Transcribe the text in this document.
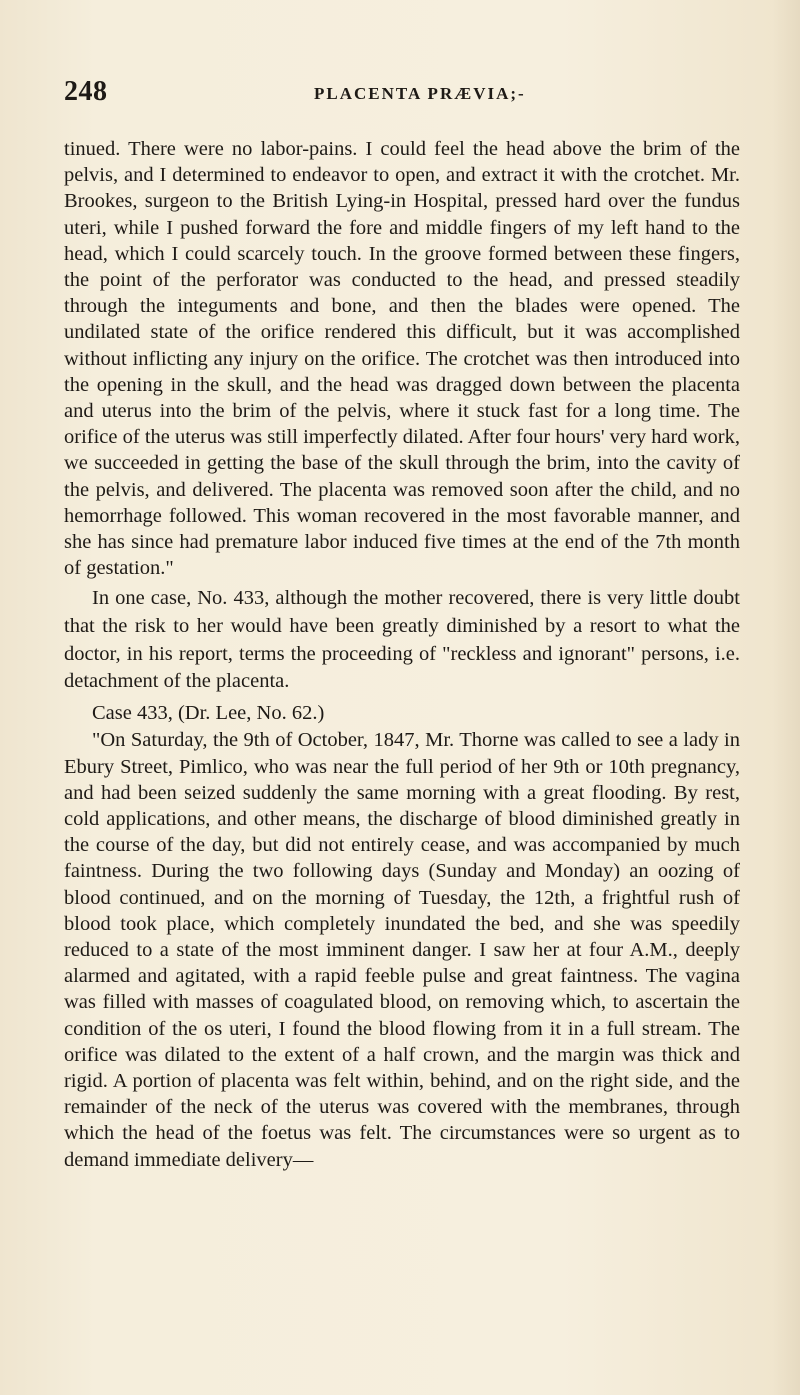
248	PLACENTA PRÆVIA;-

tinued. There were no labor-pains. I could feel the head above the brim of the pelvis, and I determined to endeavor to open, and extract it with the crotchet. Mr. Brookes, surgeon to the British Lying-in Hospital, pressed hard over the fundus uteri, while I pushed forward the fore and middle fingers of my left hand to the head, which I could scarcely touch. In the groove formed between these fingers, the point of the perforator was conducted to the head, and pressed steadily through the integuments and bone, and then the blades were opened. The undilated state of the orifice rendered this difficult, but it was accomplished without inflicting any injury on the orifice. The crotchet was then introduced into the opening in the skull, and the head was dragged down between the placenta and uterus into the brim of the pelvis, where it stuck fast for a long time. The orifice of the uterus was still imperfectly dilated. After four hours' very hard work, we succeeded in getting the base of the skull through the brim, into the cavity of the pelvis, and delivered. The placenta was removed soon after the child, and no hemorrhage followed. This woman recovered in the most favorable manner, and she has since had premature labor induced five times at the end of the 7th month of gestation."

In one case, No. 433, although the mother recovered, there is very little doubt that the risk to her would have been greatly diminished by a resort to what the doctor, in his report, terms the proceeding of "reckless and ignorant" persons, i.e. detachment of the placenta.

Case 433, (Dr. Lee, No. 62.)

"On Saturday, the 9th of October, 1847, Mr. Thorne was called to see a lady in Ebury Street, Pimlico, who was near the full period of her 9th or 10th pregnancy, and had been seized suddenly the same morning with a great flooding. By rest, cold applications, and other means, the discharge of blood diminished greatly in the course of the day, but did not entirely cease, and was accompanied by much faintness. During the two following days (Sunday and Monday) an oozing of blood continued, and on the morning of Tuesday, the 12th, a frightful rush of blood took place, which completely inundated the bed, and she was speedily reduced to a state of the most imminent danger. I saw her at four A.M., deeply alarmed and agitated, with a rapid feeble pulse and great faintness. The vagina was filled with masses of coagulated blood, on removing which, to ascertain the condition of the os uteri, I found the blood flowing from it in a full stream. The orifice was dilated to the extent of a half crown, and the margin was thick and rigid. A portion of placenta was felt within, behind, and on the right side, and the remainder of the neck of the uterus was covered with the membranes, through which the head of the foetus was felt. The circumstances were so urgent as to demand immediate delivery—
